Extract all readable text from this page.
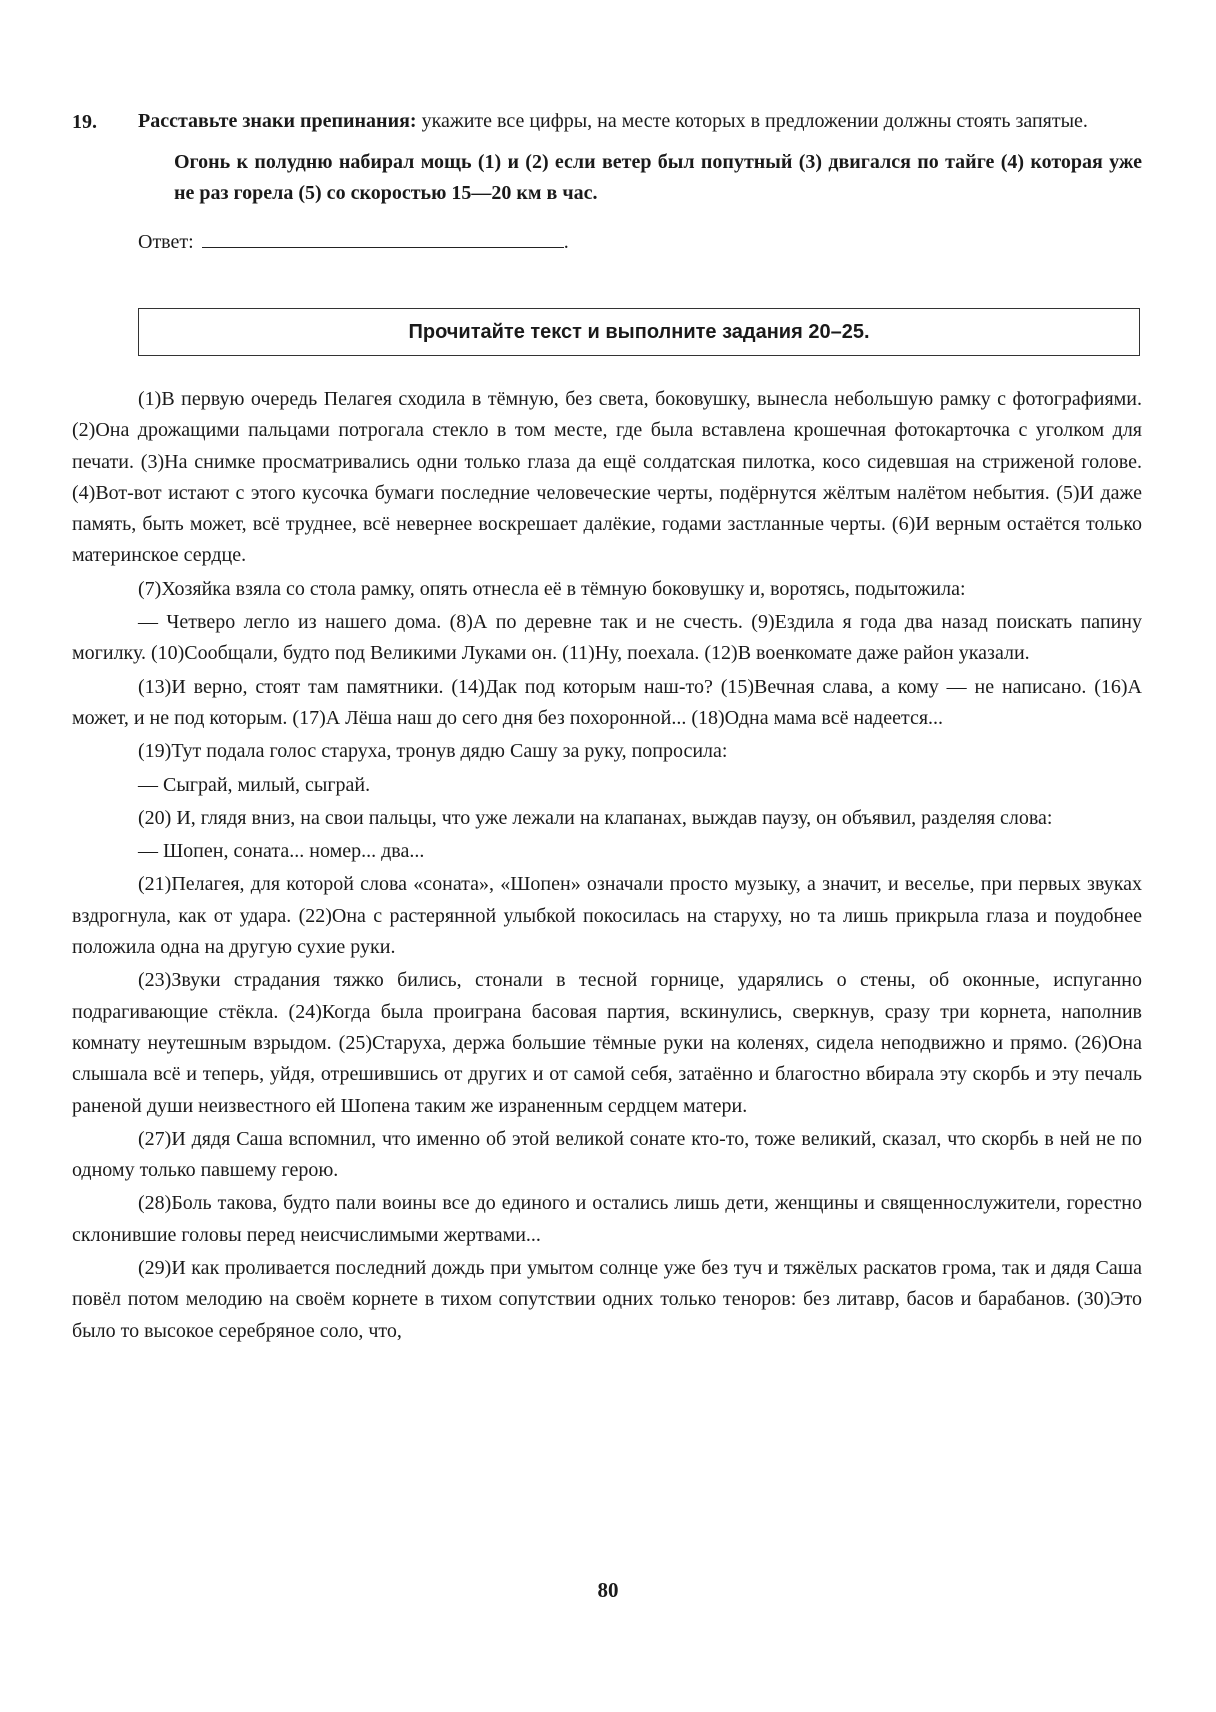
19. Расставьте знаки препинания: укажите все цифры, на месте которых в предложении должны стоять запятые.
Огонь к полудню набирал мощь (1) и (2) если ветер был попутный (3) двигался по тайге (4) которая уже не раз горела (5) со скоростью 15—20 км в час.
Ответ:	.
Прочитайте текст и выполните задания 20–25.

(1)В первую очередь Пелагея сходила в тёмную, без света, боковушку, вынесла небольшую рамку с фотографиями. (2)Она дрожащими пальцами потрогала стекло в том месте, где была вставлена крошечная фотокарточка с уголком для печати. (3)На снимке просматривались одни только глаза да ещё солдатская пилотка, косо сидевшая на стриженой голове. (4)Вот-вот истают с этого кусочка бумаги последние человеческие черты, подёрнутся жёлтым налётом небытия. (5)И даже память, быть может, всё труднее, всё невернее воскрешает далёкие, годами застланные черты. (6)И верным остаётся только материнское сердце.

(7)Хозяйка взяла со стола рамку, опять отнесла её в тёмную боковушку и, воротясь, подытожила:

— Четверо легло из нашего дома. (8)А по деревне так и не счесть. (9)Ездила я года два назад поискать папину могилку. (10)Сообщали, будто под Великими Луками он. (11)Ну, поехала. (12)В военкомате даже район указали.

(13)И верно, стоят там памятники. (14)Дак под которым наш-то? (15)Вечная слава, а кому — не написано. (16)А может, и не под которым. (17)А Лёша наш до сего дня без похоронной... (18)Одна мама всё надеется...

(19)Тут подала голос старуха, тронув дядю Сашу за руку, попросила:

— Сыграй, милый, сыграй.

(20) И, глядя вниз, на свои пальцы, что уже лежали на клапанах, выждав паузу, он объявил, разделяя слова:

— Шопен, соната... номер... два...

(21)Пелагея, для которой слова «соната», «Шопен» означали просто музыку, а значит, и веселье, при первых звуках вздрогнула, как от удара. (22)Она с растерянной улыбкой покосилась на старуху, но та лишь прикрыла глаза и поудобнее положила одна на другую сухие руки.

(23)Звуки страдания тяжко бились, стонали в тесной горнице, ударялись о стены, об оконные, испуганно подрагивающие стёкла. (24)Когда была проиграна басовая партия, вскинулись, сверкнув, сразу три корнета, наполнив комнату неутешным взрыдом. (25)Старуха, держа большие тёмные руки на коленях, сидела неподвижно и прямо. (26)Она слышала всё и теперь, уйдя, отрешившись от других и от самой себя, затаённо и благостно вбирала эту скорбь и эту печаль раненой души неизвестного ей Шопена таким же израненным сердцем матери.

(27)И дядя Саша вспомнил, что именно об этой великой сонате кто-то, тоже великий, сказал, что скорбь в ней не по одному только павшему герою.

(28)Боль такова, будто пали воины все до единого и остались лишь дети, женщины и священнослужители, горестно склонившие головы перед неисчислимыми жертвами...

(29)И как проливается последний дождь при умытом солнце уже без туч и тяжёлых раскатов грома, так и дядя Саша повёл потом мелодию на своём корнете в тихом сопутствии одних только теноров: без литавр, басов и барабанов. (30)Это было то высокое серебряное соло, что,

80
